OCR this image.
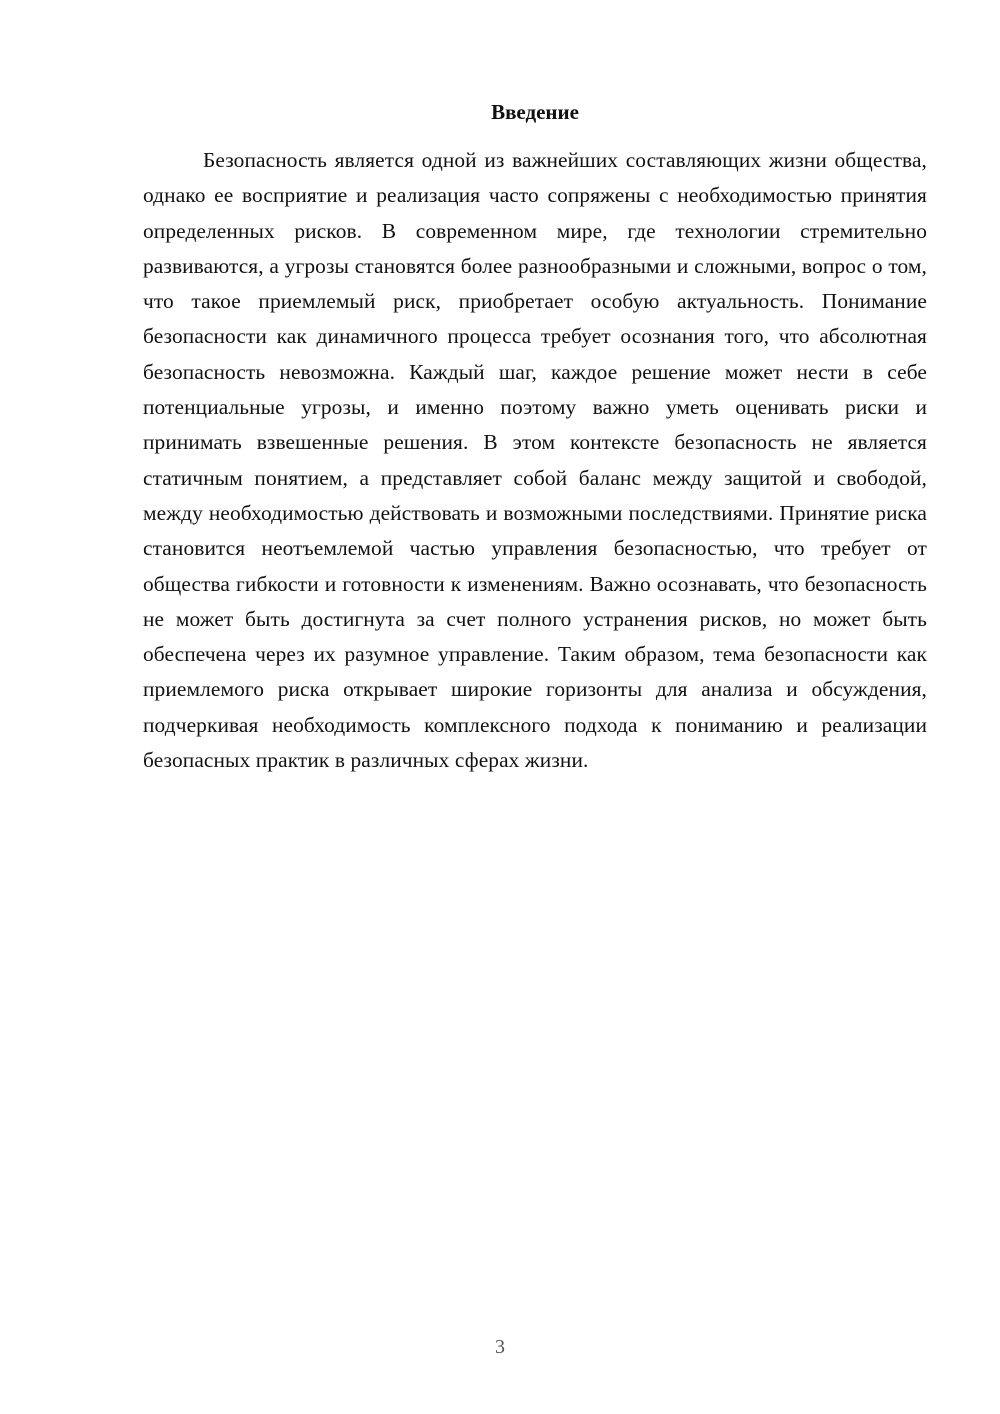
Введение

Безопасность является одной из важнейших составляющих жизни общества, однако ее восприятие и реализация часто сопряжены с необходимостью принятия определенных рисков. В современном мире, где технологии стремительно развиваются, а угрозы становятся более разнообразными и сложными, вопрос о том, что такое приемлемый риск, приобретает особую актуальность. Понимание безопасности как динамичного процесса требует осознания того, что абсолютная безопасность невозможна. Каждый шаг, каждое решение может нести в себе потенциальные угрозы, и именно поэтому важно уметь оценивать риски и принимать взвешенные решения. В этом контексте безопасность не является статичным понятием, а представляет собой баланс между защитой и свободой, между необходимостью действовать и возможными последствиями. Принятие риска становится неотъемлемой частью управления безопасностью, что требует от общества гибкости и готовности к изменениям. Важно осознавать, что безопасность не может быть достигнута за счет полного устранения рисков, но может быть обеспечена через их разумное управление. Таким образом, тема безопасности как приемлемого риска открывает широкие горизонты для анализа и обсуждения, подчеркивая необходимость комплексного подхода к пониманию и реализации безопасных практик в различных сферах жизни.

3
